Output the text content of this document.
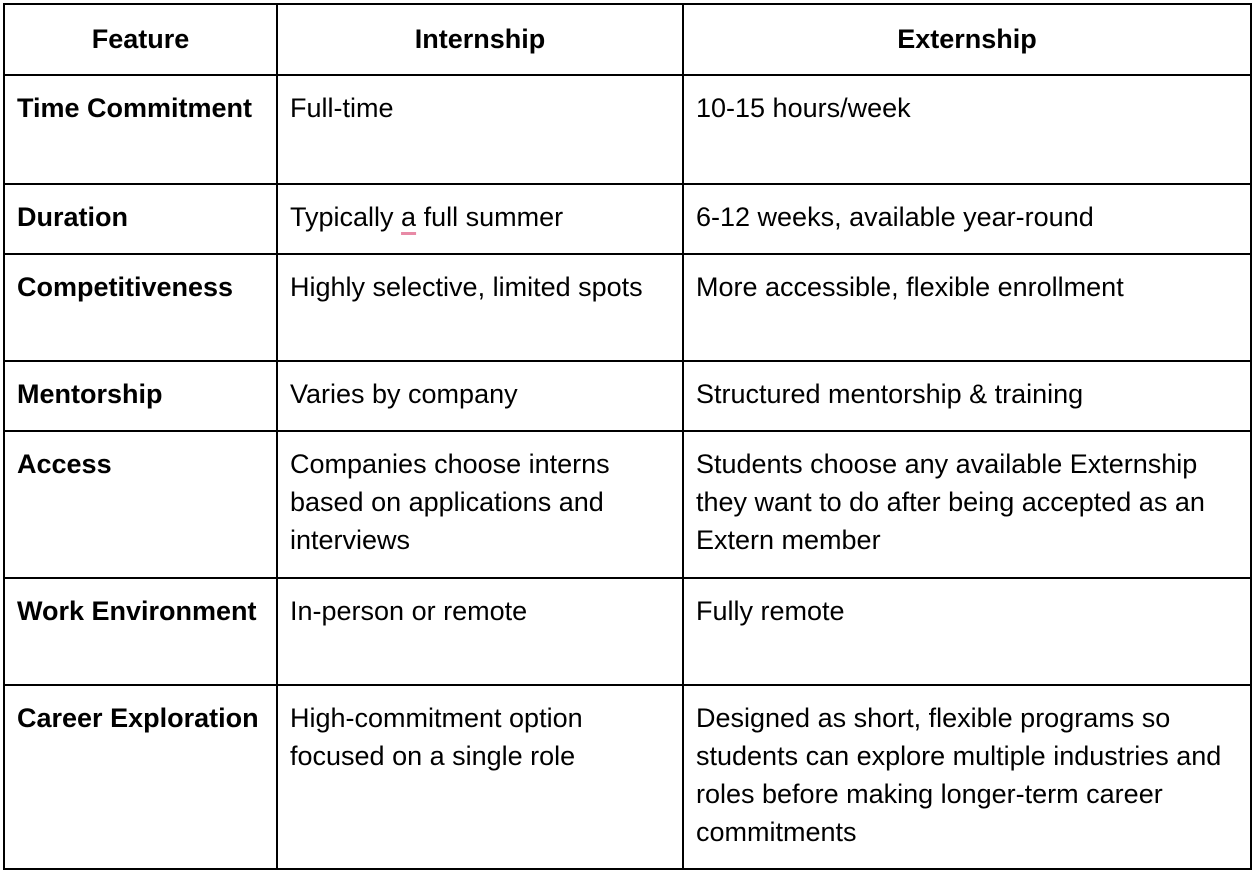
Feature	Internship	Externship
Time Commitment	Full-time	10-15 hours/week
Duration	Typically a full summer	6-12 weeks, available year-round
Competitiveness	Highly selective, limited spots	More accessible, flexible enrollment
Mentorship	Varies by company	Structured mentorship & training
Access	Companies choose interns based on applications and interviews	Students choose any available Externship they want to do after being accepted as an Extern member
Work Environment	In-person or remote	Fully remote
Career Exploration	High-commitment option focused on a single role	Designed as short, flexible programs so students can explore multiple industries and roles before making longer-term career commitments
